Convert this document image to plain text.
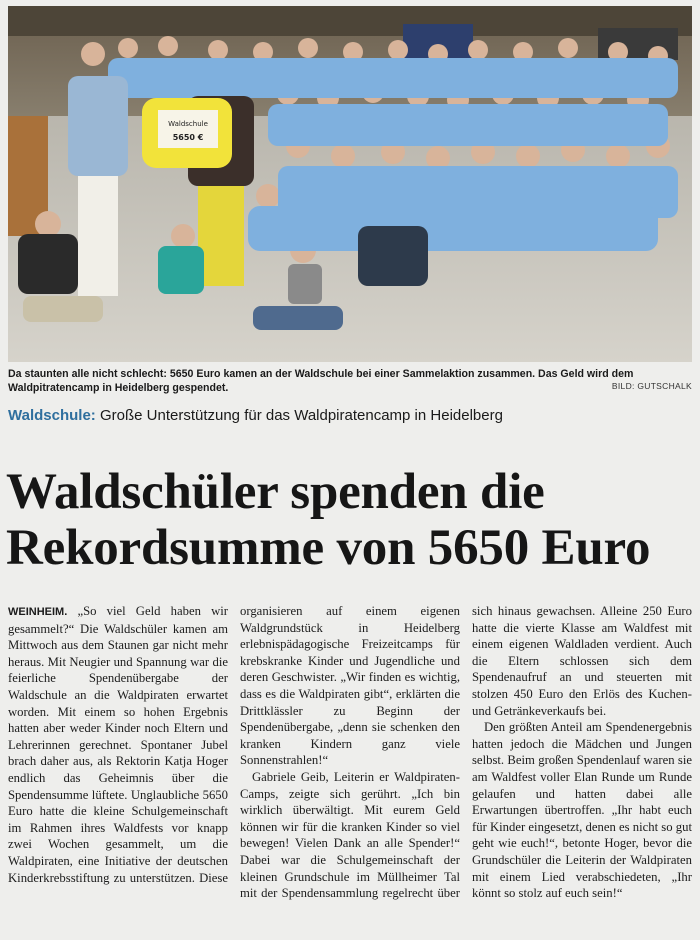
Waldschule
5650 €
Da staunten alle nicht schlecht: 5650 Euro kamen an der Waldschule bei einer Sammelaktion zusammen. Das Geld wird dem Waldpitratencamp in Heidelberg gespendet.	BILD: GUTSCHALK
Waldschule: Große Unterstützung für das Waldpiratencamp in Heidelberg
Waldschüler spenden die
Rekordsumme von 5650 Euro

WEINHEIM. „So viel Geld haben wir gesammelt?“ Die Waldschüler kamen am Mittwoch aus dem Staunen gar nicht mehr heraus. Mit Neugier und Spannung war die feierliche Spendenübergabe der Waldschule an die Waldpiraten erwartet worden. Mit einem so hohen Ergebnis hatten aber weder Kinder noch Eltern und Lehrerinnen gerechnet. Spontaner Jubel brach daher aus, als Rektorin Katja Hoger endlich das Geheimnis über die Spendensumme lüftete. Unglaubliche 5650 Euro hatte die kleine Schulgemeinschaft im Rahmen ihres Waldfests vor knapp zwei Wochen gesammelt, um die Waldpiraten, eine Initiative der deutschen Kinderkrebsstiftung zu unterstützen. Diese organisieren auf einem eigenen Waldgrundstück in Heidelberg erlebnispädagogische Freizeitcamps für krebskranke Kinder und Jugendliche und deren Geschwister. „Wir finden es wichtig, dass es die Waldpiraten gibt“, erklärten die Drittklässler zu Beginn der Spendenübergabe, „denn sie schenken den kranken Kindern ganz viele Sonnenstrahlen!“

Gabriele Geib, Leiterin er Waldpiraten-Camps, zeigte sich gerührt. „Ich bin wirklich überwältigt. Mit eurem Geld können wir für die kranken Kinder so viel bewegen! Vielen Dank an alle Spender!“ Dabei war die Schulgemeinschaft der kleinen Grundschule im Müllheimer Tal mit der Spendensammlung regelrecht über sich hinaus gewachsen. Alleine 250 Euro hatte die vierte Klasse am Waldfest mit einem eigenen Waldladen verdient. Auch die Eltern schlossen sich dem Spendenaufruf an und steuerten mit stolzen 450 Euro den Erlös des Kuchen- und Getränkeverkaufs bei.

Den größten Anteil am Spendenergebnis hatten jedoch die Mädchen und Jungen selbst. Beim großen Spendenlauf waren sie am Waldfest voller Elan Runde um Runde gelaufen und hatten dabei alle Erwartungen übertroffen. „Ihr habt euch für Kinder eingesetzt, denen es nicht so gut geht wie euch!“, betonte Hoger, bevor die Grundschüler die Leiterin der Waldpiraten mit einem Lied verabschiedeten, „Ihr könnt so stolz auf euch sein!“
